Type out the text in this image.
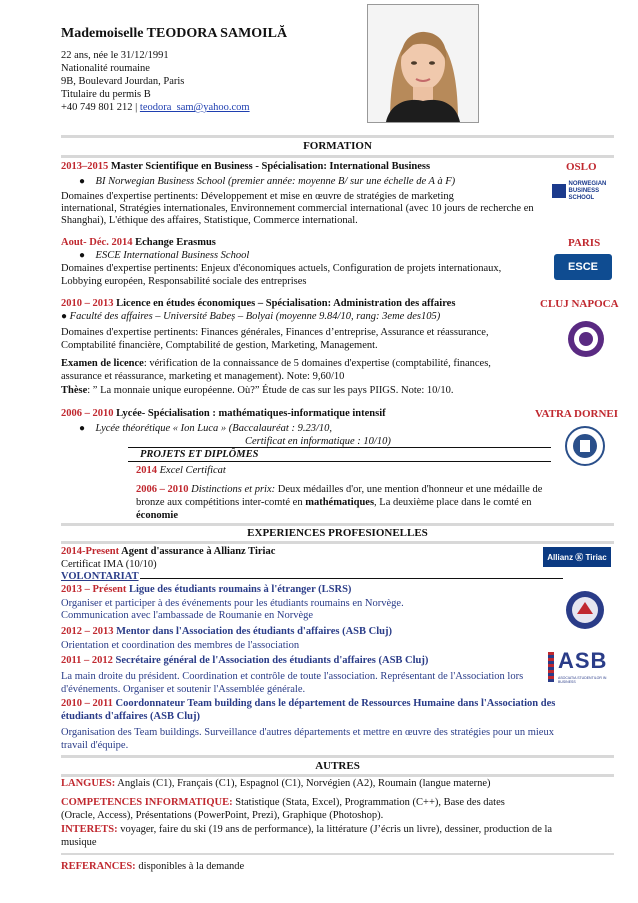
Mademoiselle TEODORA SAMOILĂ
22 ans, née le 31/12/1991
Nationalité roumaine
9B, Boulevard Jourdan, Paris
Titulaire du permis B
+40 749 801 212 | teodora_sam@yahoo.com
FORMATION
2013–2015 Master Scientifique en Business - Spécialisation: International Business	OSLO
● BI Norwegian Business School (premier année: moyenne B/ sur une échelle de A à F)
Domaines d'expertise pertinents: Développement et mise en œuvre de stratégies de marketing
international, Stratégies internationales, Environnement commercial international (avec 10 jours de recherche en
Shanghai), L'éthique des affaires, Statistique, Commerce international.
NORWEGIAN BUSINESS SCHOOL
Aout- Déc. 2014 Echange Erasmus	PARIS
● ESCE International Business School
Domaines d'expertise pertinents: Enjeux d'économiques actuels, Configuration de projets internationaux,
Lobbying européen, Responsabilité sociale des entreprises
ESCE
2010 – 2013 Licence en études économiques – Spécialisation: Administration des affaires	CLUJ NAPOCA
● Faculté des affaires – Université Babeș – Bolyai (moyenne 9.84/10, rang: 3eme des105)
Domaines d'expertise pertinents: Finances générales, Finances d’entreprise, Assurance et réassurance,
Comptabilité financière, Comptabilité de gestion, Marketing, Management.
Examen de licence: vérification de la connaissance de 5 domaines d'expertise (comptabilité, finances,
assurance et réassurance, marketing et management). Note: 9,60/10
Thèse: ” La monnaie unique européenne. Où?” Étude de cas sur les pays PIIGS. Note: 10/10.
2006 – 2010 Lycée- Spécialisation : mathématiques-informatique intensif	VATRA DORNEI
● Lycée théorétique « Ion Luca » (Baccalauréat : 9.23/10,
Certificat en informatique : 10/10)
PROJETS ET DIPLÔMES
2014 Excel Certificat
2006 – 2010 Distinctions et prix: Deux médailles d'or, une mention d'honneur et une médaille de
bronze aux compétitions inter-comté en mathématiques, La deuxième place dans le comté en
économie
EXPERIENCES PROFESIONELLES
2014-Present Agent d'assurance à Allianz Tiriac
Certificat IMA (10/10)
Allianz Ⓚ Tiriac
VOLONTARIAT
2013 – Présent Ligue des étudiants roumains à l'étranger (LSRS)
Organiser et participer à des événements pour les étudiants roumains en Norvège.
Communication avec l'ambassade de Roumanie en Norvège
2012 – 2013 Mentor dans l'Association des étudiants d'affaires (ASB Cluj)
Orientation et coordination des membres de l'association
2011 – 2012 Secrétaire général de l'Association des étudiants d'affaires (ASB Cluj)
La main droite du président. Coordination et contrôle de toute l'association. Représentant de l'Association lors
d'événements. Organiser et soutenir l'Assemblée générale.
ASB
ASOCIATIA STUDENTILOR IN BUSINESS
2010 – 2011 Coordonnateur Team building dans le département de Ressources Humaine dans l'Association des
étudiants d'affaires (ASB Cluj)
Organisation des Team buildings. Surveillance d'autres départements et mettre en œuvre des stratégies pour un mieux
travail d'équipe.
AUTRES
LANGUES: Anglais (C1), Français (C1), Espagnol (C1), Norvégien (A2), Roumain (langue materne)
COMPETENCES INFORMATIQUE: Statistique (Stata, Excel), Programmation (C++), Base des dates
(Oracle, Access), Présentations (PowerPoint, Prezi), Graphique (Photoshop).
INTERETS: voyager, faire du ski (19 ans de performance), la littérature (J’écris un livre), dessiner, production de la
musique
REFERANCES: disponibles à la demande
